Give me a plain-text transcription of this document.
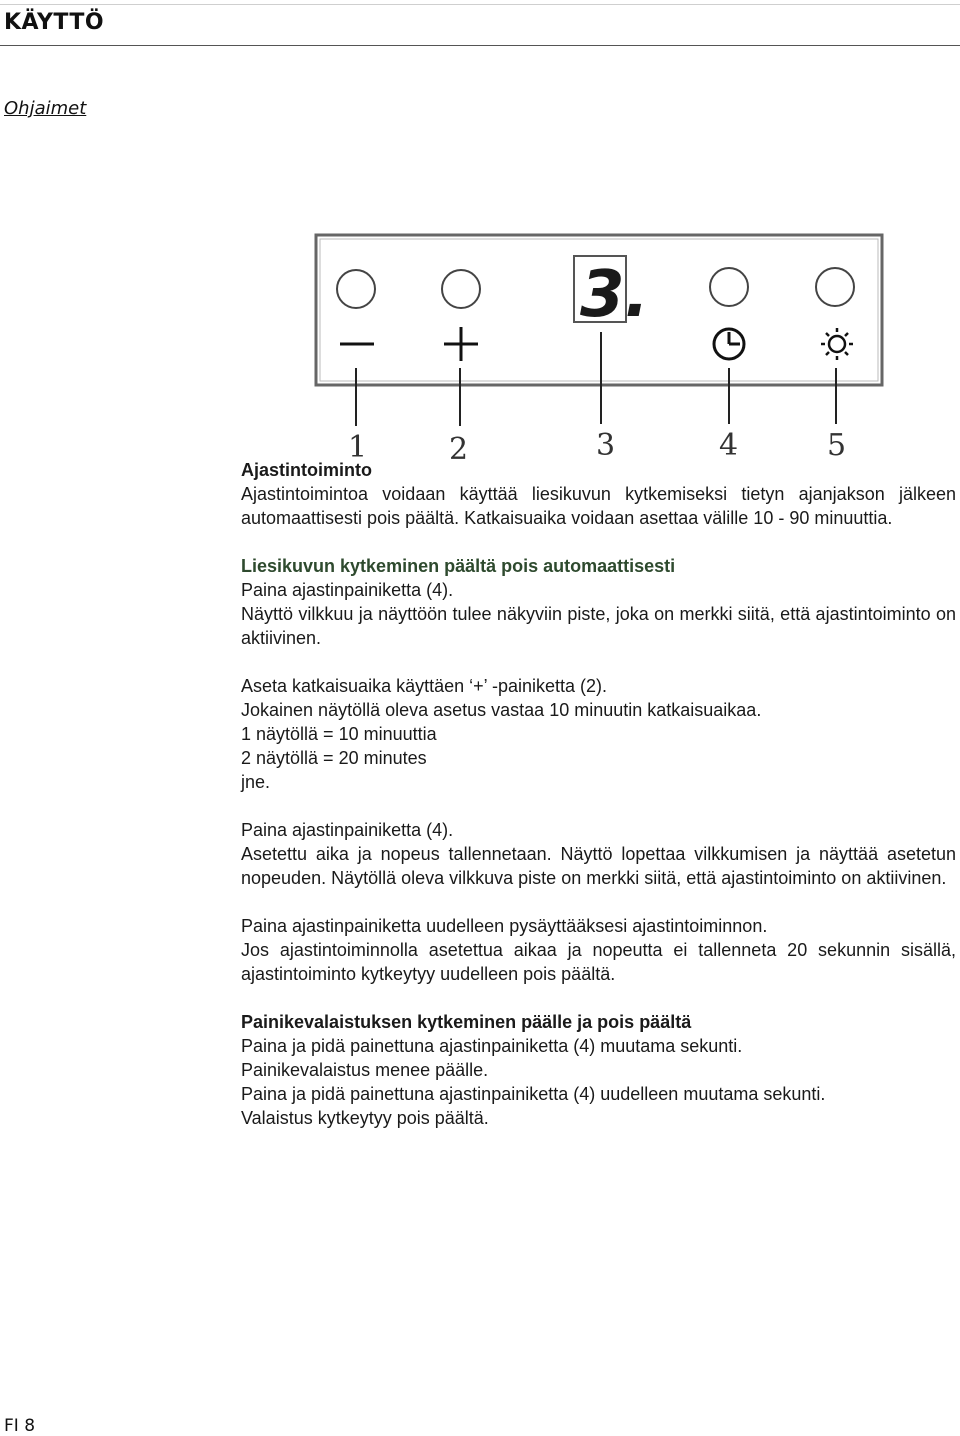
KÄYTTÖ
Ohjaimet
3.
1	2	3	4	5

Ajastintoiminto

Ajastintoimintoa voidaan käyttää liesikuvun kytkemiseksi tietyn ajanjakson jälkeen automaattisesti pois päältä. Katkaisuaika voidaan asettaa välille 10 - 90 minuuttia.

Liesikuvun kytkeminen päältä pois automaattisesti

Paina ajastinpainiketta (4).

Näyttö vilkkuu ja näyttöön tulee näkyviin piste, joka on merkki siitä, että ajastintoiminto on aktiivinen.

Aseta katkaisuaika käyttäen ‘+’ -painiketta (2).

Jokainen näytöllä oleva asetus vastaa 10 minuutin katkaisuaikaa.

1 näytöllä = 10 minuuttia

2 näytöllä = 20 minutes

jne.

Paina ajastinpainiketta (4).

Asetettu aika ja nopeus tallennetaan. Näyttö lopettaa vilkkumisen ja näyttää asetetun nopeuden. Näytöllä oleva vilkkuva piste on merkki siitä, että ajastintoiminto on aktiivinen.

Paina ajastinpainiketta uudelleen pysäyttääksesi ajastintoiminnon.

Jos ajastintoiminnolla asetettua aikaa ja nopeutta ei tallenneta 20 sekunnin sisällä, ajastintoiminto kytkeytyy uudelleen pois päältä.

Painikevalaistuksen kytkeminen päälle ja pois päältä

Paina ja pidä painettuna ajastinpainiketta (4) muutama sekunti.

Painikevalaistus menee päälle.

Paina ja pidä painettuna ajastinpainiketta (4) uudelleen muutama sekunti.

Valaistus kytkeytyy pois päältä.

FI 8
